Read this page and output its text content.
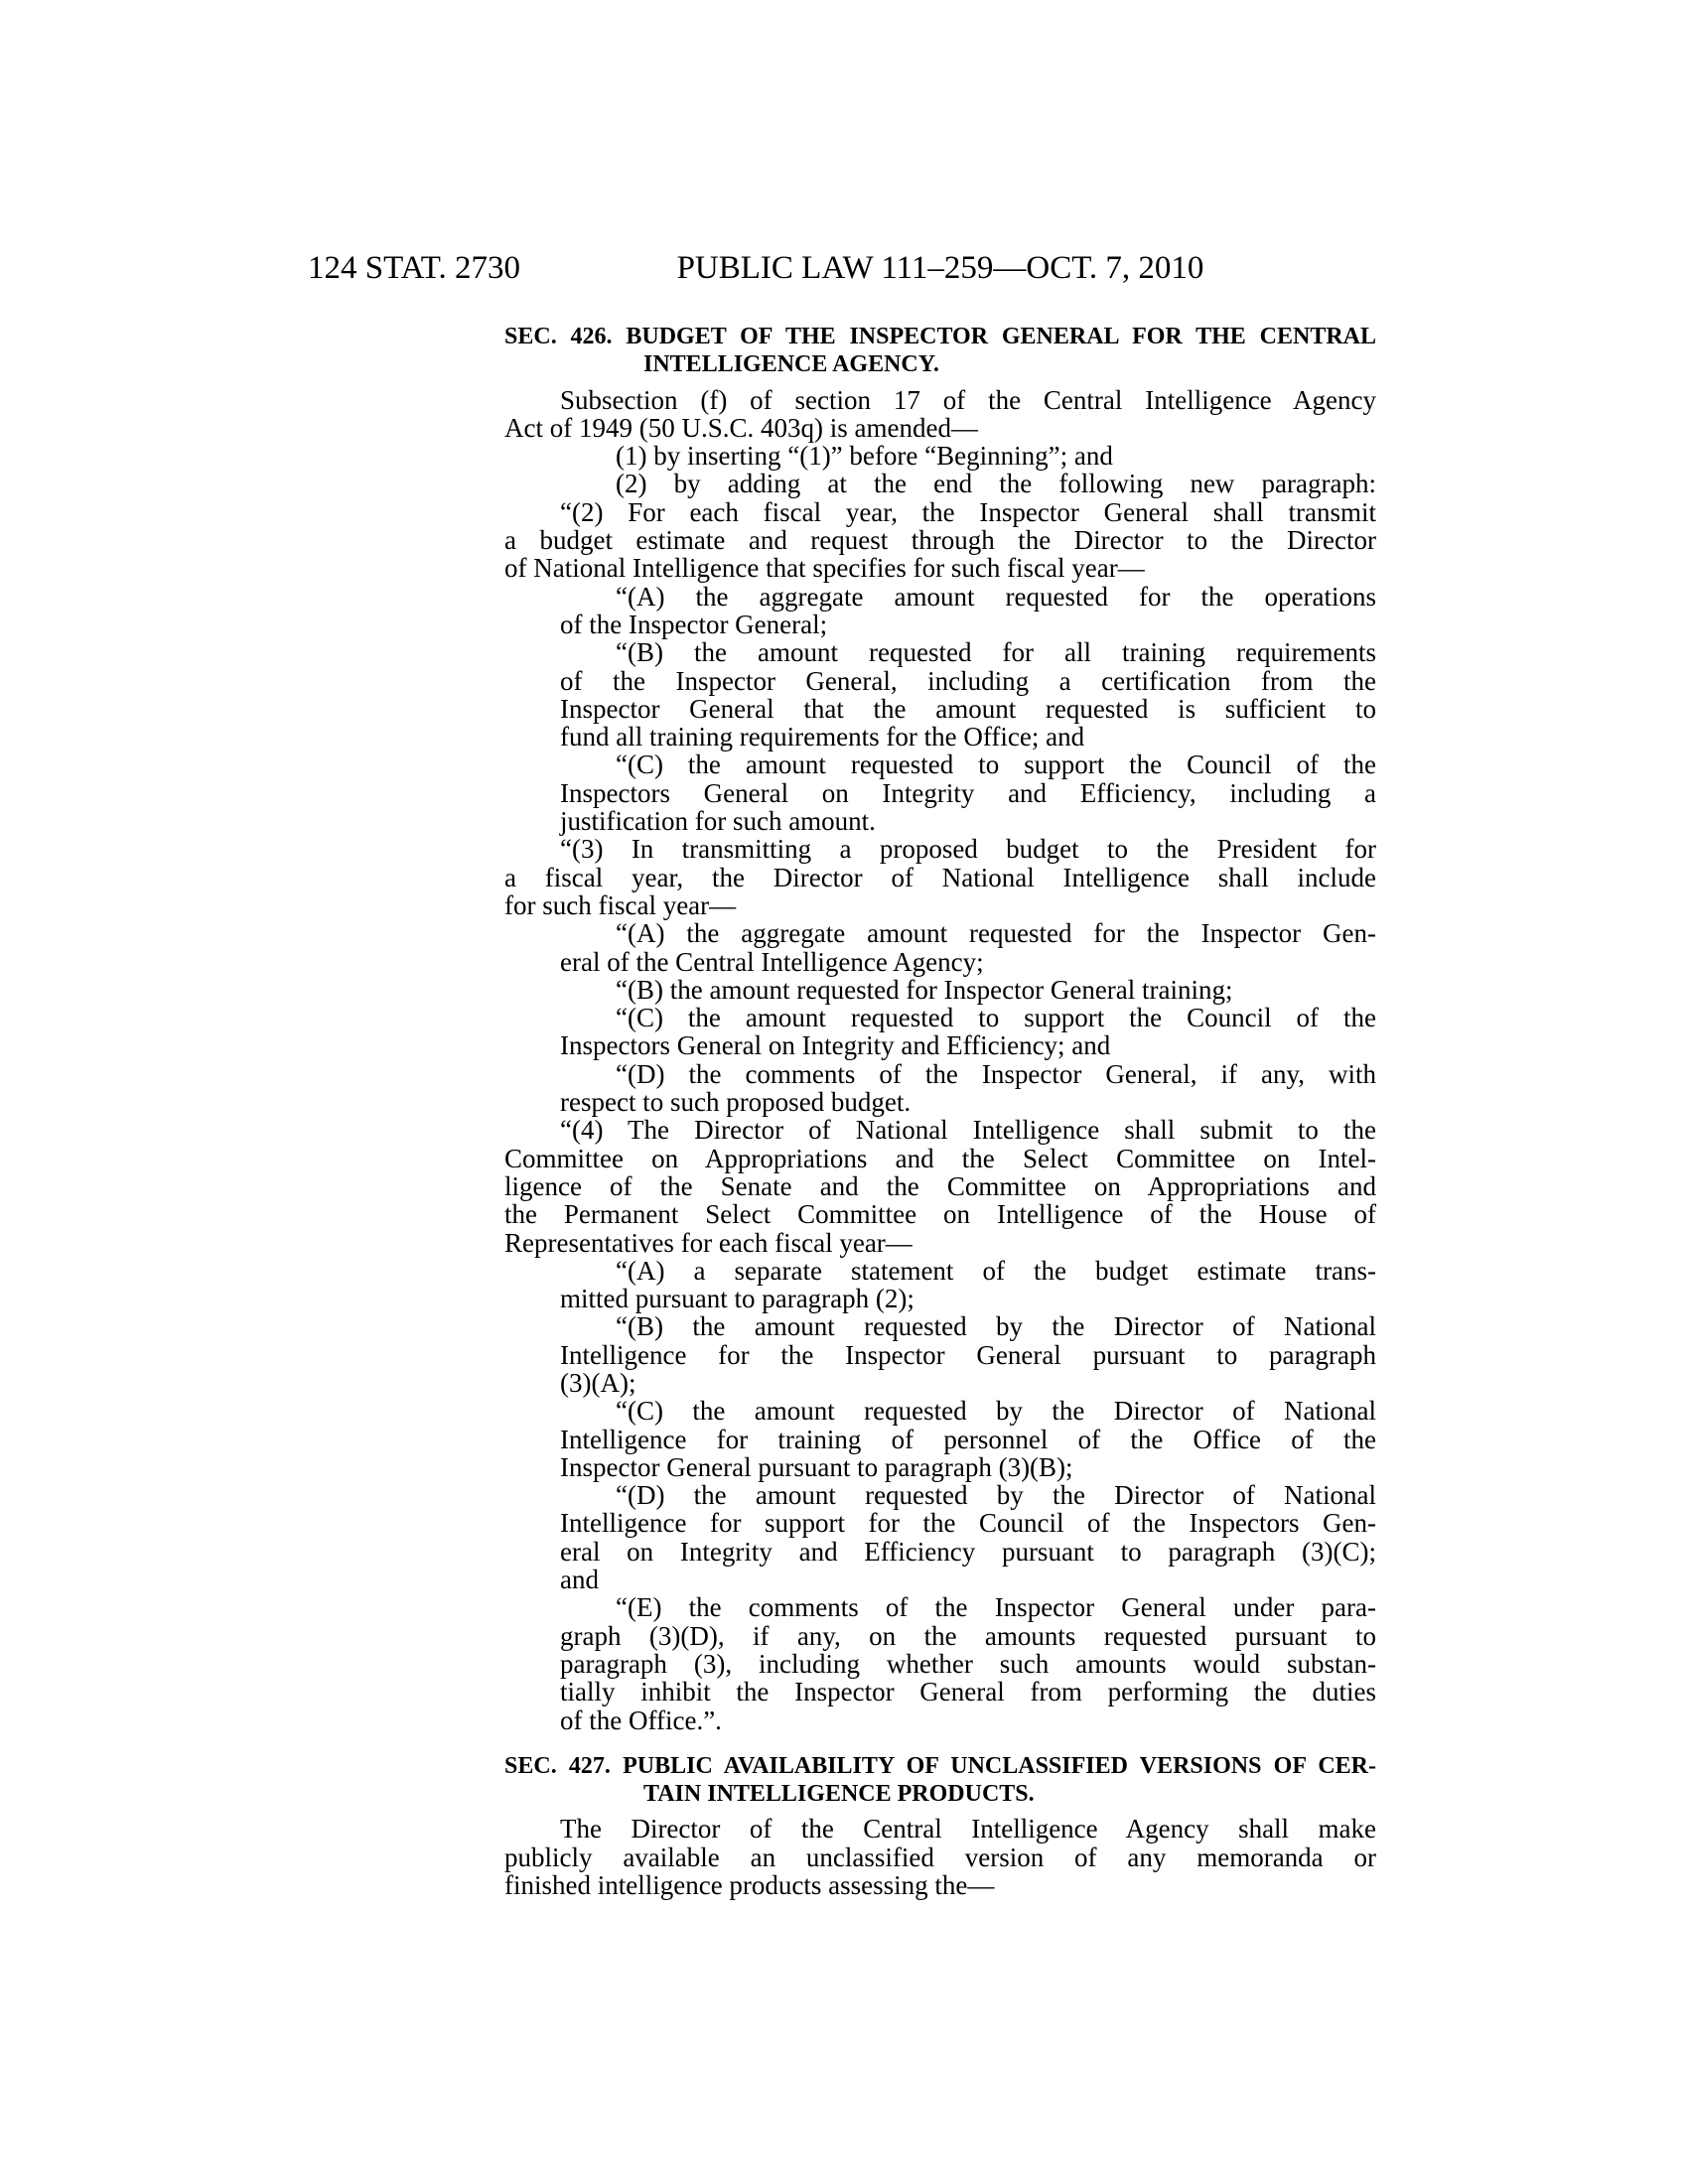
124 STAT. 2730	PUBLIC LAW 111–259—OCT. 7, 2010
SEC. 426. BUDGET OF THE INSPECTOR GENERAL FOR THE CENTRAL
INTELLIGENCE AGENCY.
Subsection (f) of section 17 of the Central Intelligence Agency
Act of 1949 (50 U.S.C. 403q) is amended—
(1) by inserting “(1)” before “Beginning”; and
(2) by adding at the end the following new paragraph:
“(2) For each fiscal year, the Inspector General shall transmit
a budget estimate and request through the Director to the Director
of National Intelligence that specifies for such fiscal year—
“(A) the aggregate amount requested for the operations
of the Inspector General;
“(B) the amount requested for all training requirements
of the Inspector General, including a certification from the
Inspector General that the amount requested is sufficient to
fund all training requirements for the Office; and
“(C) the amount requested to support the Council of the
Inspectors General on Integrity and Efficiency, including a
justification for such amount.
“(3) In transmitting a proposed budget to the President for
a fiscal year, the Director of National Intelligence shall include
for such fiscal year—
“(A) the aggregate amount requested for the Inspector Gen-
eral of the Central Intelligence Agency;
“(B) the amount requested for Inspector General training;
“(C) the amount requested to support the Council of the
Inspectors General on Integrity and Efficiency; and
“(D) the comments of the Inspector General, if any, with
respect to such proposed budget.
“(4) The Director of National Intelligence shall submit to the
Committee on Appropriations and the Select Committee on Intel-
ligence of the Senate and the Committee on Appropriations and
the Permanent Select Committee on Intelligence of the House of
Representatives for each fiscal year—
“(A) a separate statement of the budget estimate trans-
mitted pursuant to paragraph (2);
“(B) the amount requested by the Director of National
Intelligence for the Inspector General pursuant to paragraph
(3)(A);
“(C) the amount requested by the Director of National
Intelligence for training of personnel of the Office of the
Inspector General pursuant to paragraph (3)(B);
“(D) the amount requested by the Director of National
Intelligence for support for the Council of the Inspectors Gen-
eral on Integrity and Efficiency pursuant to paragraph (3)(C);
and
“(E) the comments of the Inspector General under para-
graph (3)(D), if any, on the amounts requested pursuant to
paragraph (3), including whether such amounts would substan-
tially inhibit the Inspector General from performing the duties
of the Office.”.
SEC. 427. PUBLIC AVAILABILITY OF UNCLASSIFIED VERSIONS OF CER-
TAIN INTELLIGENCE PRODUCTS.
The Director of the Central Intelligence Agency shall make
publicly available an unclassified version of any memoranda or
finished intelligence products assessing the—
